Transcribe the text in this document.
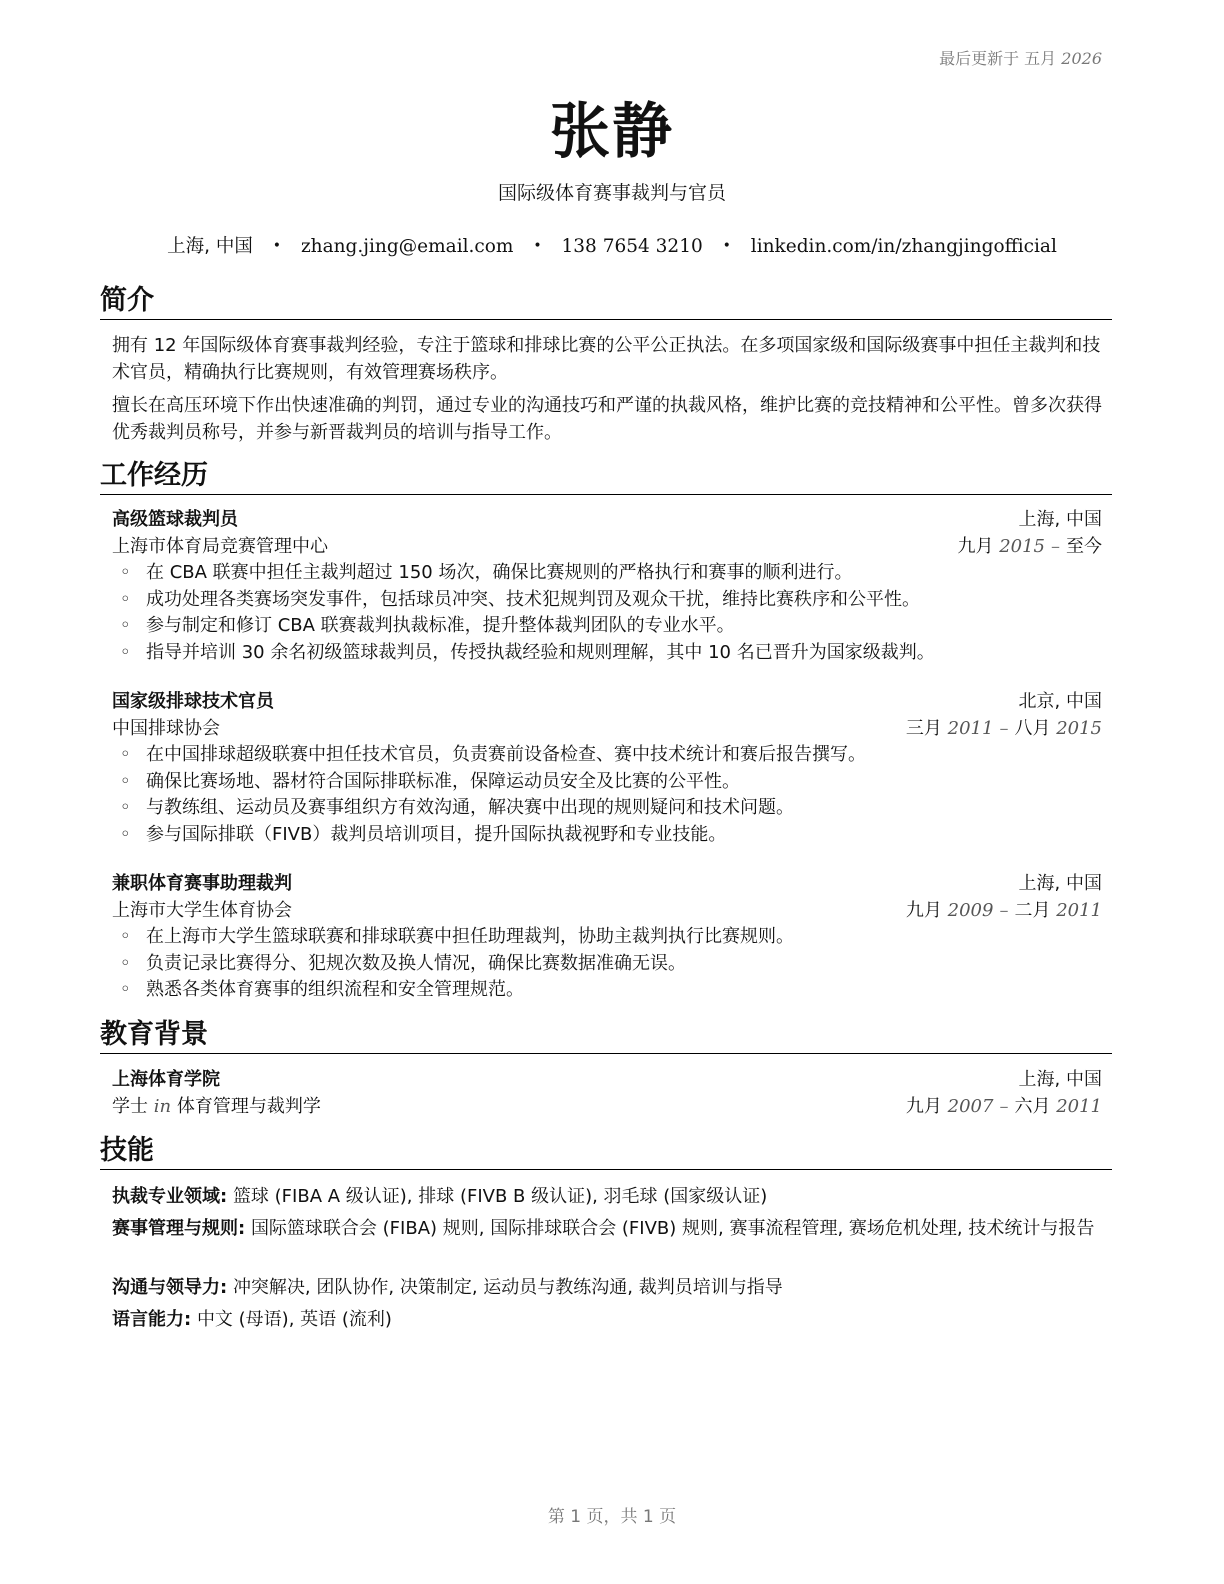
最后更新于 五月 2026
张静
国际级体育赛事裁判与官员
上海, 中国 • zhang.jing@email.com • 138 7654 3210 • linkedin.com/in/zhangjingofficial
简介
拥有 12 年国际级体育赛事裁判经验，专注于篮球和排球比赛的公平公正执法。在多项国家级和国际级赛事中担任主裁判和技术官员，精确执行比赛规则，有效管理赛场秩序。
擅长在高压环境下作出快速准确的判罚，通过专业的沟通技巧和严谨的执裁风格，维护比赛的竞技精神和公平性。曾多次获得优秀裁判员称号，并参与新晋裁判员的培训与指导工作。
工作经历
高级篮球裁判员	上海, 中国
上海市体育局竞赛管理中心	九月 2015 – 至今
◦ 在 CBA 联赛中担任主裁判超过 150 场次，确保比赛规则的严格执行和赛事的顺利进行。
◦ 成功处理各类赛场突发事件，包括球员冲突、技术犯规判罚及观众干扰，维持比赛秩序和公平性。
◦ 参与制定和修订 CBA 联赛裁判执裁标准，提升整体裁判团队的专业水平。
◦ 指导并培训 30 余名初级篮球裁判员，传授执裁经验和规则理解，其中 10 名已晋升为国家级裁判。
国家级排球技术官员	北京, 中国
中国排球协会	三月 2011 – 八月 2015
◦ 在中国排球超级联赛中担任技术官员，负责赛前设备检查、赛中技术统计和赛后报告撰写。
◦ 确保比赛场地、器材符合国际排联标准，保障运动员安全及比赛的公平性。
◦ 与教练组、运动员及赛事组织方有效沟通，解决赛中出现的规则疑问和技术问题。
◦ 参与国际排联（FIVB）裁判员培训项目，提升国际执裁视野和专业技能。
兼职体育赛事助理裁判	上海, 中国
上海市大学生体育协会	九月 2009 – 二月 2011
◦ 在上海市大学生篮球联赛和排球联赛中担任助理裁判，协助主裁判执行比赛规则。
◦ 负责记录比赛得分、犯规次数及换人情况，确保比赛数据准确无误。
◦ 熟悉各类体育赛事的组织流程和安全管理规范。
教育背景
上海体育学院	上海, 中国
学士 in 体育管理与裁判学	九月 2007 – 六月 2011
技能
执裁专业领域: 篮球 (FIBA A 级认证), 排球 (FIVB B 级认证), 羽毛球 (国家级认证)
赛事管理与规则: 国际篮球联合会 (FIBA) 规则, 国际排球联合会 (FIVB) 规则, 赛事流程管理, 赛场危机处理, 技术统计与报告
沟通与领导力: 冲突解决, 团队协作, 决策制定, 运动员与教练沟通, 裁判员培训与指导
语言能力: 中文 (母语), 英语 (流利)
第 1 页，共 1 页
